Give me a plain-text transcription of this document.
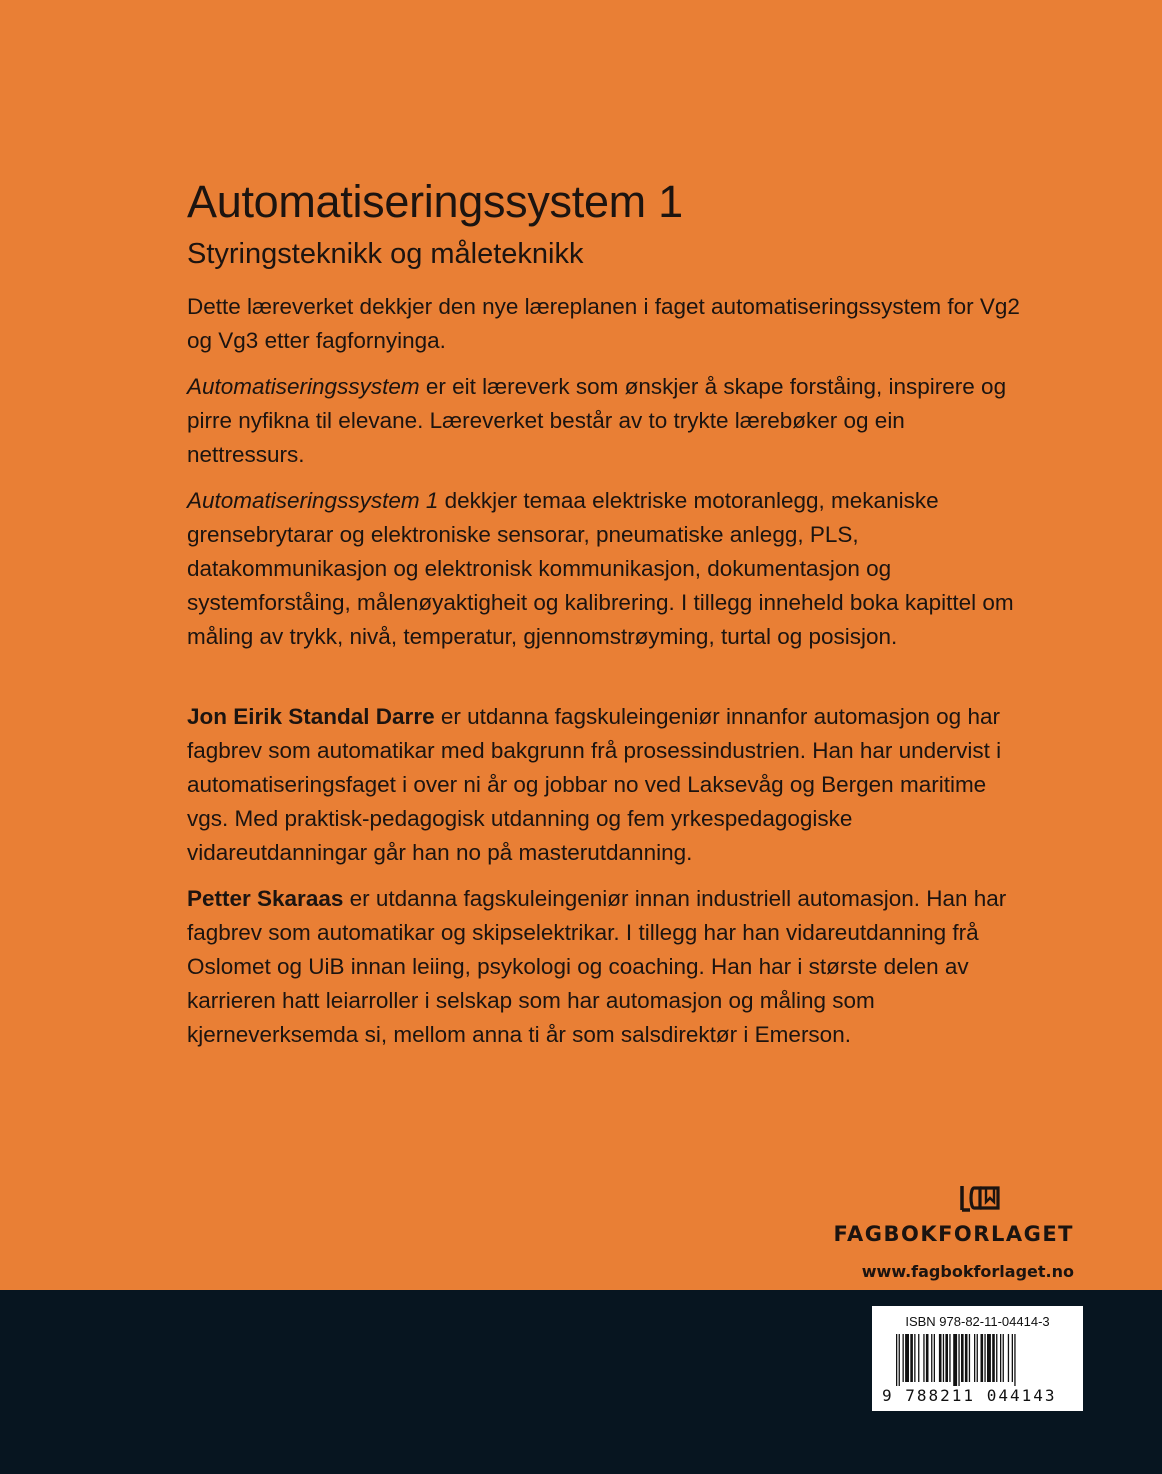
Automatiseringssystem 1
Styringsteknikk og måleteknikk

Dette læreverket dekkjer den nye læreplanen i faget automatiseringssystem for Vg2 og Vg3 etter fagfornyinga.

Automatiseringssystem er eit læreverk som ønskjer å skape forståing, inspirere og pirre nyfikna til elevane. Læreverket består av to trykte lærebøker og ein nettressurs.

Automatiseringssystem 1 dekkjer temaa elektriske motoranlegg, mekaniske grensebrytarar og elektroniske sensorar, pneumatiske anlegg, PLS, datakommunikasjon og elektronisk kommunikasjon, dokumentasjon og systemforståing, målenøyaktigheit og kalibrering. I tillegg inneheld boka kapittel om måling av trykk, nivå, temperatur, gjennomstrøyming, turtal og posisjon.

Jon Eirik Standal Darre er utdanna fagskuleingeniør innanfor automasjon og har fagbrev som automatikar med bakgrunn frå prosessindustrien. Han har undervist i automatiseringsfaget i over ni år og jobbar no ved Laksevåg og Bergen maritime vgs. Med praktisk-pedagogisk utdanning og fem yrkespedagogiske vidareutdanningar går han no på masterutdanning.

Petter Skaraas er utdanna fagskuleingeniør innan industriell automasjon. Han har fagbrev som automatikar og skipselektrikar. I tillegg har han vidareutdanning frå Oslomet og UiB innan leiing, psykologi og coaching. Han har i største delen av karrieren hatt leiarroller i selskap som har automasjon og måling som kjerneverksemda si, mellom anna ti år som salsdirektør i Emerson.

FAGBOKFORLAGET
www.fagbokforlaget.no
ISBN 978-82-11-04414-3
9 788211 044143
